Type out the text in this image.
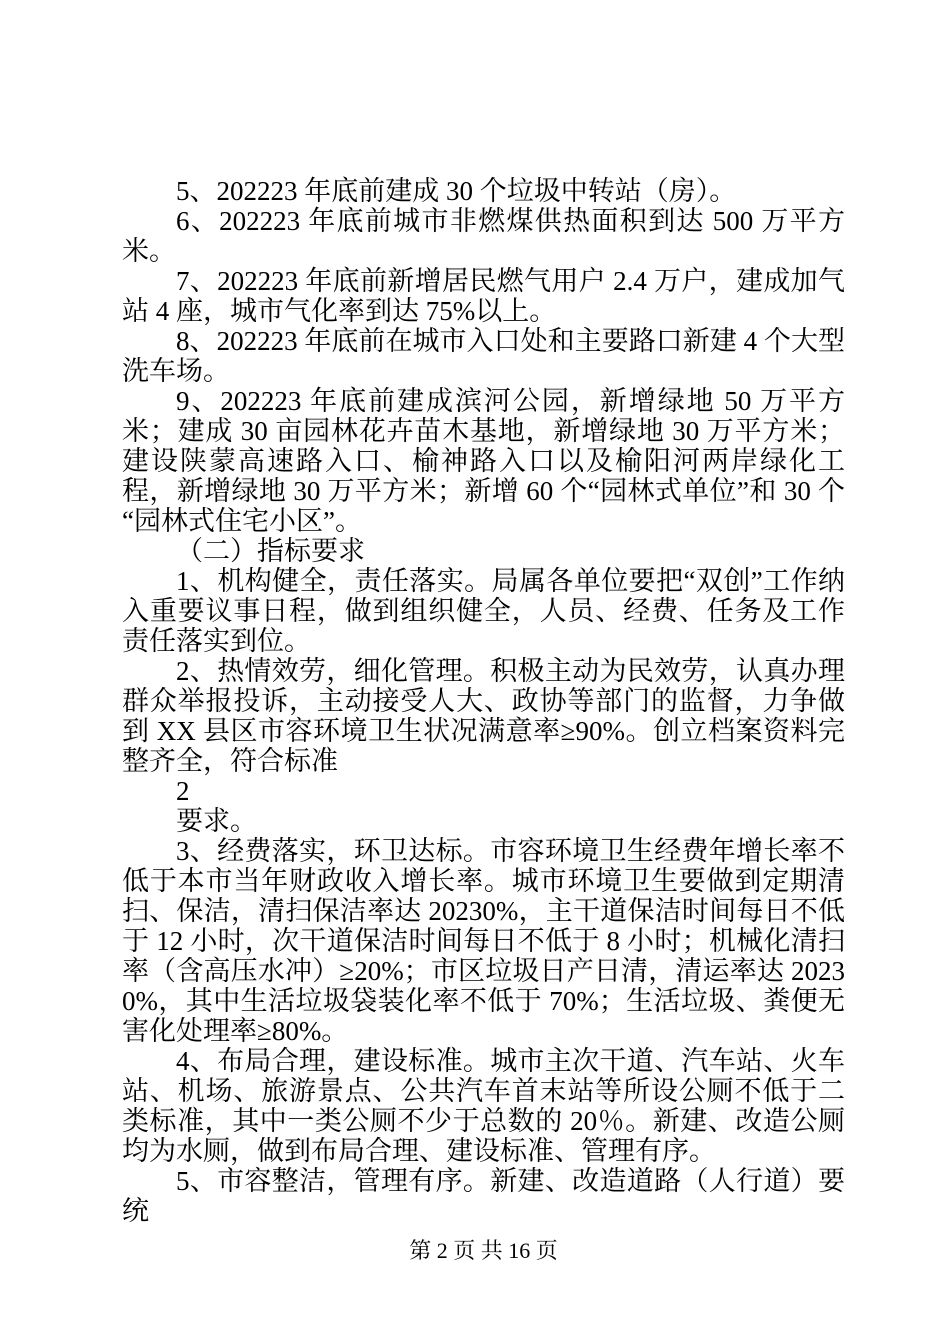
5、202223 年底前建成 30 个垃圾中转站（房）。

6、202223 年底前城市非燃煤供热面积到达 500 万平方米。

7、202223 年底前新增居民燃气用户 2.4 万户，建成加气站 4 座，城市气化率到达 75%以上。

8、202223 年底前在城市入口处和主要路口新建 4 个大型洗车场。

9、202223 年底前建成滨河公园，新增绿地 50 万平方米；建成 30 亩园林花卉苗木基地，新增绿地 30 万平方米；建设陕蒙高速路入口、榆神路入口以及榆阳河两岸绿化工程，新增绿地 30 万平方米；新增 60 个“园林式单位”和 30 个“园林式住宅小区”。

（二）指标要求

1、机构健全，责任落实。局属各单位要把“双创”工作纳入重要议事日程，做到组织健全，人员、经费、任务及工作责任落实到位。

2、热情效劳，细化管理。积极主动为民效劳，认真办理群众举报投诉，主动接受人大、政协等部门的监督，力争做到 XX 县区市容环境卫生状况满意率≥90%。创立档案资料完整齐全，符合标准

2

要求。

3、经费落实，环卫达标。市容环境卫生经费年增长率不低于本市当年财政收入增长率。城市环境卫生要做到定期清扫、保洁，清扫保洁率达 20230%，主干道保洁时间每日不低于 12 小时，次干道保洁时间每日不低于 8 小时；机械化清扫率（含高压水冲）≥20%；市区垃圾日产日清，清运率达 20230%，其中生活垃圾袋装化率不低于 70%；生活垃圾、粪便无害化处理率≥80%。

4、布局合理，建设标准。城市主次干道、汽车站、火车站、机场、旅游景点、公共汽车首末站等所设公厕不低于二类标准，其中一类公厕不少于总数的 20％。新建、改造公厕均为水厕，做到布局合理、建设标准、管理有序。

5、市容整洁，管理有序。新建、改造道路（人行道）要统

第 2 页 共 16 页
